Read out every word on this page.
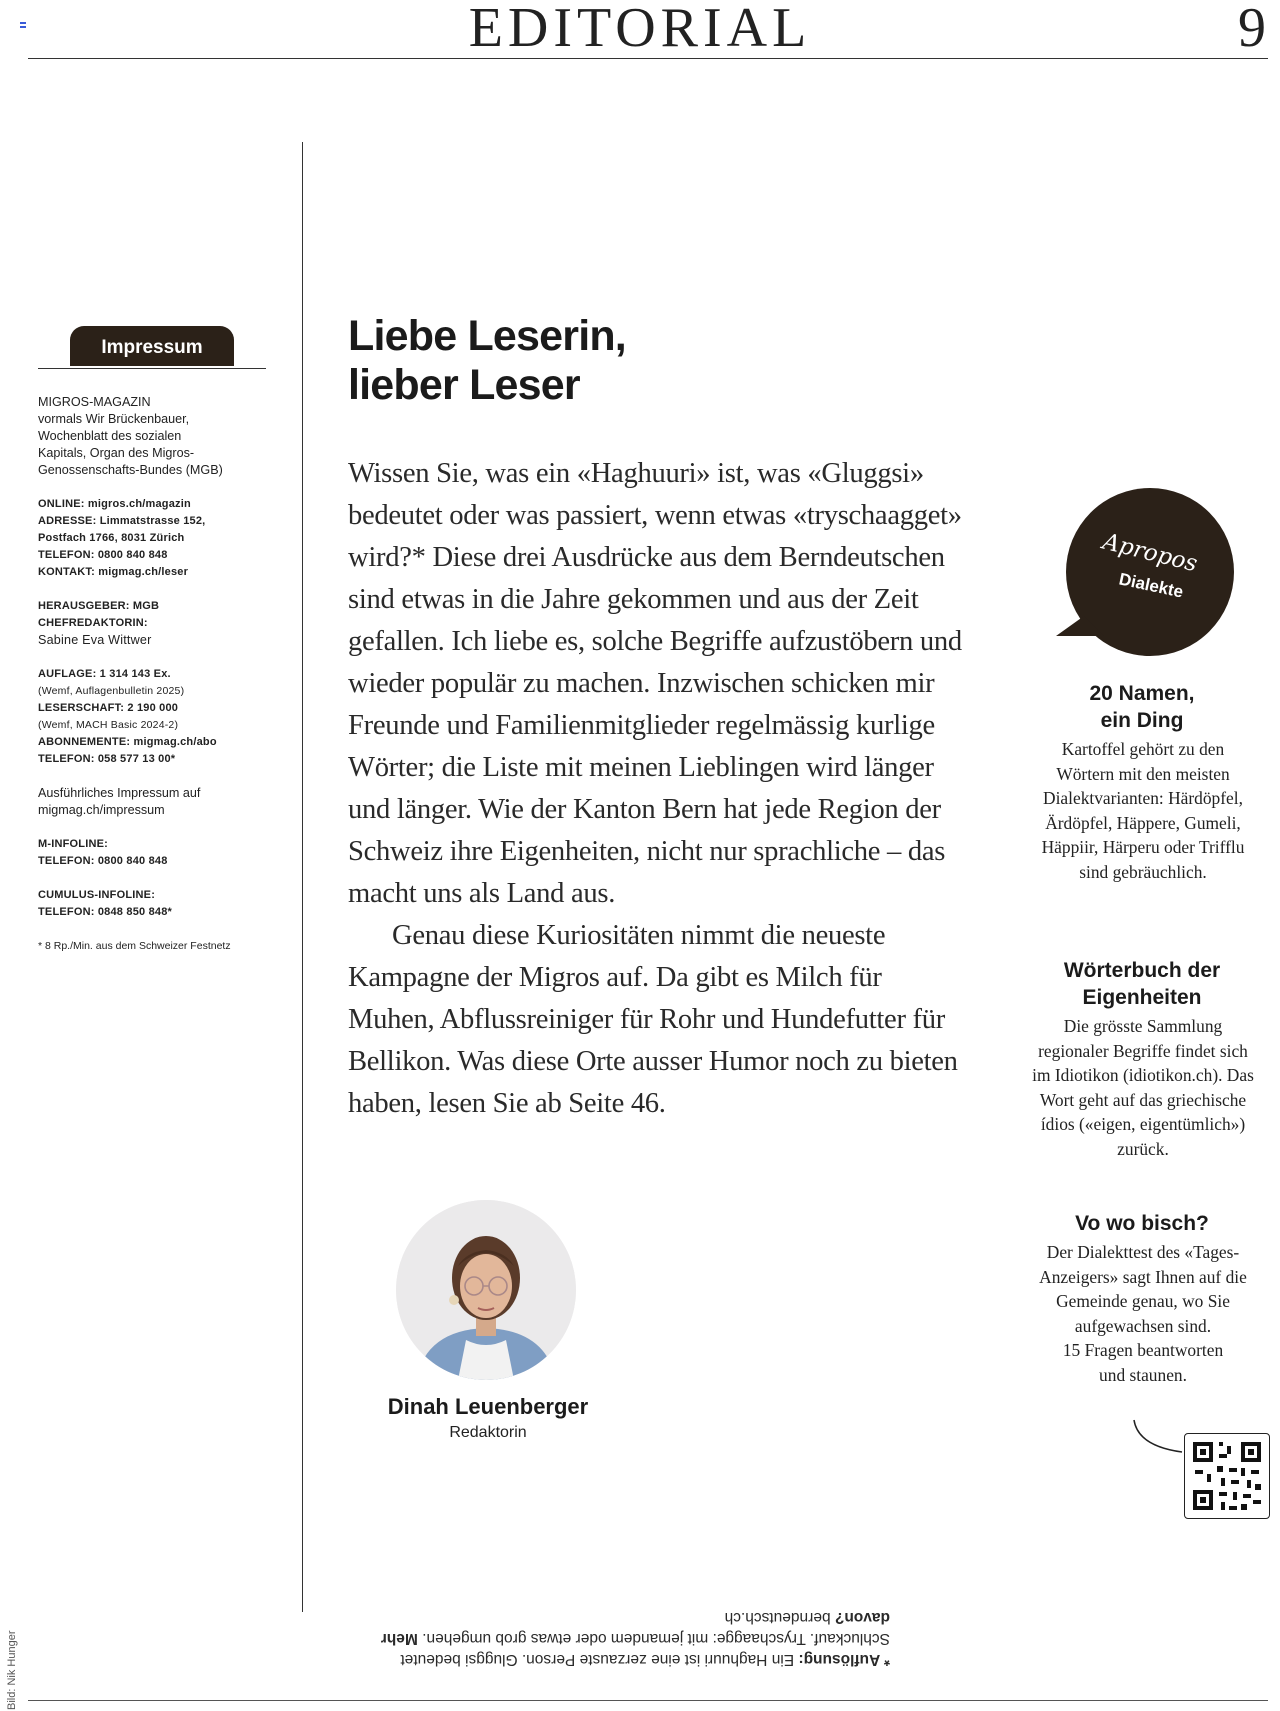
EDITORIAL	9
Impressum
MIGROS-MAGAZIN
vormals Wir Brückenbauer,
Wochenblatt des sozialen
Kapitals, Organ des Migros-
Genossenschafts-Bundes (MGB)
ONLINE: migros.ch/magazin
ADRESSE: Limmatstrasse 152,
Postfach 1766, 8031 Zürich
TELEFON: 0800 840 848
KONTAKT: migmag.ch/leser
HERAUSGEBER: MGB
CHEFREDAKTORIN:
Sabine Eva Wittwer
AUFLAGE: 1 314 143 Ex.
(Wemf, Auflagenbulletin 2025)
LESERSCHAFT: 2 190 000
(Wemf, MACH Basic 2024-2)
ABONNEMENTE: migmag.ch/abo
TELEFON: 058 577 13 00*
Ausführliches Impressum auf
migmag.ch/impressum
M-INFOLINE:
TELEFON: 0800 840 848
CUMULUS-INFOLINE:
TELEFON: 0848 850 848*
* 8 Rp./Min. aus dem Schweizer Festnetz
Liebe Leserin,
lieber Leser

Wissen Sie, was ein «Haghuuri» ist, was «Gluggsi» bedeutet oder was passiert, wenn etwas «tryschaagget» wird?* Diese drei Ausdrücke aus dem Berndeutschen sind etwas in die Jahre gekommen und aus der Zeit gefallen. Ich liebe es, solche Begriffe aufzustöbern und wieder populär zu machen. Inzwischen schicken mir Freunde und Familienmitglieder regelmässig kurlige Wörter; die Liste mit meinen Lieblingen wird länger und länger. Wie der Kanton Bern hat jede Region der Schweiz ihre Eigenheiten, nicht nur sprachliche – das macht uns als Land aus.

Genau diese Kuriositäten nimmt die neueste Kampagne der Migros auf. Da gibt es Milch für Muhen, Abflussreiniger für Rohr und Hundefutter für Bellikon. Was diese Orte ausser Humor noch zu bieten haben, lesen Sie ab Seite 46.

Dinah Leuenberger
Redaktorin
Apropos
Dialekte
20 Namen, ein Ding
Kartoffel gehört zu den Wörtern mit den meisten Dialektvarianten: Härdöpfel, Ärdöpfel, Häppere, Gumeli, Häppiir, Härperu oder Trifflu sind gebräuchlich.
Wörterbuch der Eigenheiten
Die grösste Sammlung regionaler Begriffe findet sich im Idiotikon (idiotikon.ch). Das Wort geht auf das griechische ídios («eigen, eigentümlich») zurück.
Vo wo bisch?
Der Dialekttest des «Tages-Anzeigers» sagt Ihnen auf die Gemeinde genau, wo Sie aufgewachsen sind.
15 Fragen beantworten und staunen.
* Auflösung: Ein Haghuuri ist eine zerzauste Person. Gluggsi bedeutet Schluckauf. Tryschaagge: mit jemandem oder etwas grob umgehen. Mehr davon? berndeutsch.ch
Bild: Nik Hunger
